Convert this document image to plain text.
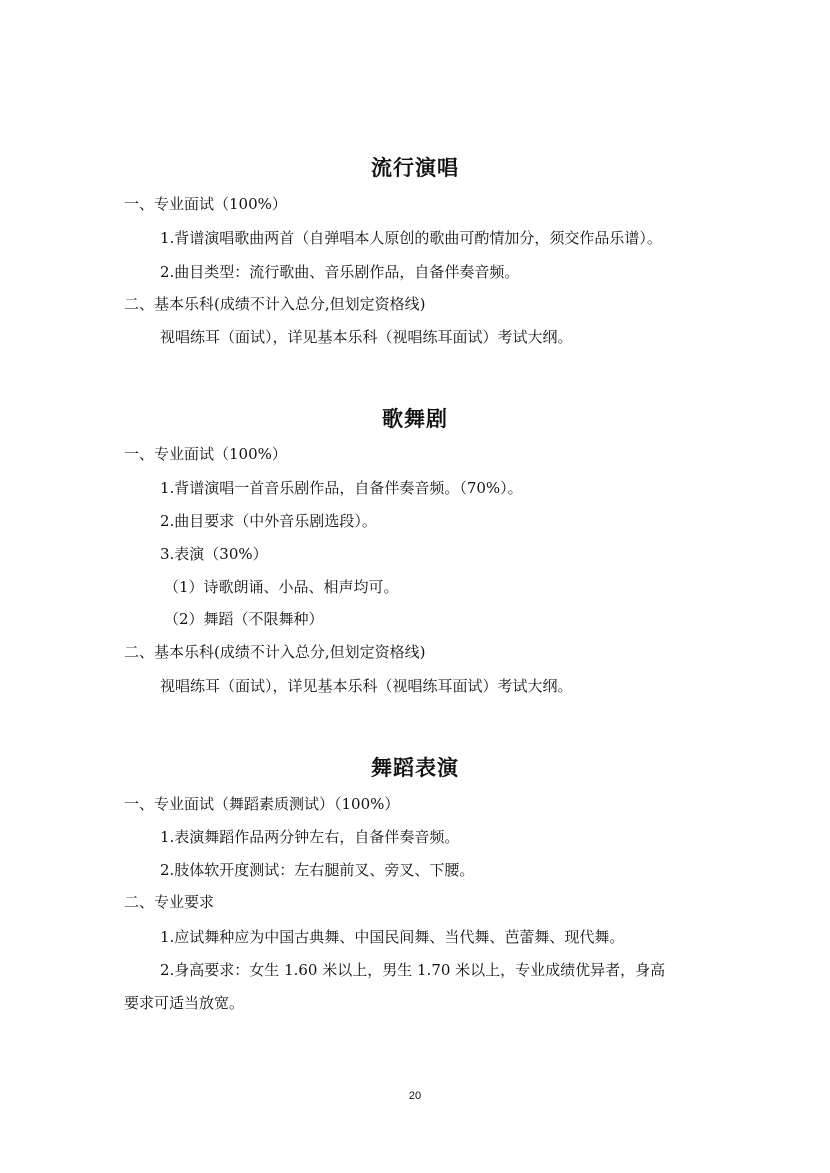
流行演唱
一、专业面试（100%）
1.背谱演唱歌曲两首（自弹唱本人原创的歌曲可酌情加分，须交作品乐谱）。
2.曲目类型：流行歌曲、音乐剧作品，自备伴奏音频。
二、基本乐科(成绩不计入总分,但划定资格线)
视唱练耳（面试），详见基本乐科（视唱练耳面试）考试大纲。
歌舞剧
一、专业面试（100%）
1.背谱演唱一首音乐剧作品，自备伴奏音频。（70%）。
2.曲目要求（中外音乐剧选段）。
3.表演（30%）
（1）诗歌朗诵、小品、相声均可。
（2）舞蹈（不限舞种）
二、基本乐科(成绩不计入总分,但划定资格线)
视唱练耳（面试），详见基本乐科（视唱练耳面试）考试大纲。
舞蹈表演
一、专业面试（舞蹈素质测试）（100%）
1.表演舞蹈作品两分钟左右，自备伴奏音频。
2.肢体软开度测试：左右腿前叉、旁叉、下腰。
二、专业要求
1.应试舞种应为中国古典舞、中国民间舞、当代舞、芭蕾舞、现代舞。
2.身高要求：女生 1.60 米以上，男生 1.70 米以上，专业成绩优异者，身高
要求可适当放宽。
20
